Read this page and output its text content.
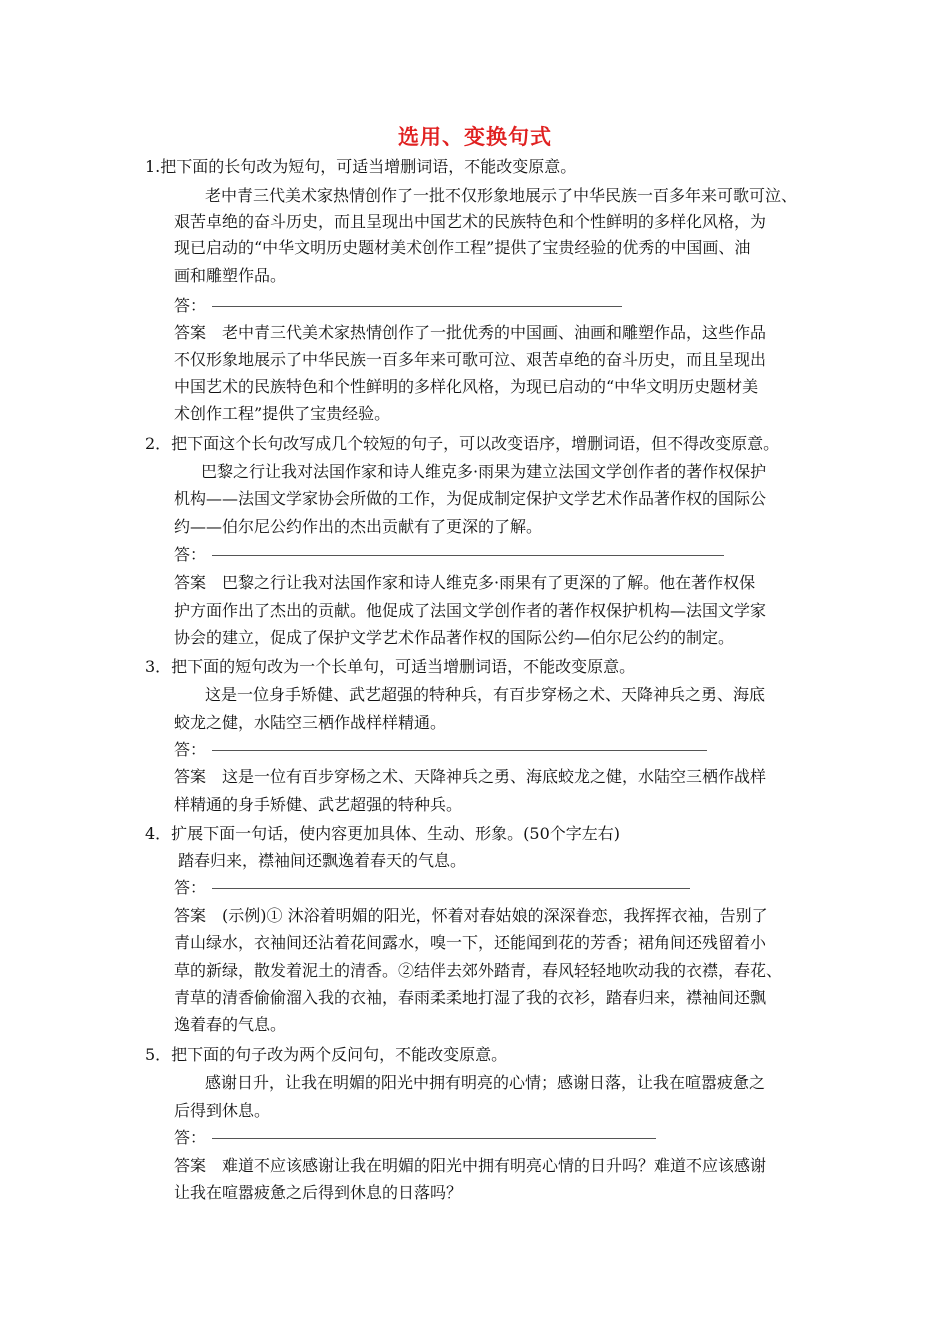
选用、变换句式
1.把下面的长句改为短句，可适当增删词语，不能改变原意。
老中青三代美术家热情创作了一批不仅形象地展示了中华民族一百多年来可歌可泣、
艰苦卓绝的奋斗历史，而且呈现出中国艺术的民族特色和个性鲜明的多样化风格，为
现已启动的“中华文明历史题材美术创作工程”提供了宝贵经验的优秀的中国画、油
画和雕塑作品。
答：
答案　老中青三代美术家热情创作了一批优秀的中国画、油画和雕塑作品，这些作品
不仅形象地展示了中华民族一百多年来可歌可泣、艰苦卓绝的奋斗历史，而且呈现出
中国艺术的民族特色和个性鲜明的多样化风格，为现已启动的“中华文明历史题材美
术创作工程”提供了宝贵经验。
2．把下面这个长句改写成几个较短的句子，可以改变语序，增删词语，但不得改变原意。
巴黎之行让我对法国作家和诗人维克多·雨果为建立法国文学创作者的著作权保护
机构——法国文学家协会所做的工作，为促成制定保护文学艺术作品著作权的国际公
约——伯尔尼公约作出的杰出贡献有了更深的了解。
答：
答案　巴黎之行让我对法国作家和诗人维克多·雨果有了更深的了解。他在著作权保
护方面作出了杰出的贡献。他促成了法国文学创作者的著作权保护机构—法国文学家
协会的建立，促成了保护文学艺术作品著作权的国际公约—伯尔尼公约的制定。
3．把下面的短句改为一个长单句，可适当增删词语，不能改变原意。
这是一位身手矫健、武艺超强的特种兵，有百步穿杨之术、天降神兵之勇、海底
蛟龙之健，水陆空三栖作战样样精通。
答：
答案　这是一位有百步穿杨之术、天降神兵之勇、海底蛟龙之健，水陆空三栖作战样
样精通的身手矫健、武艺超强的特种兵。
4．扩展下面一句话，使内容更加具体、生动、形象。(50个字左右)
踏春归来，襟袖间还飘逸着春天的气息。
答：
答案　(示例)① 沐浴着明媚的阳光，怀着对春姑娘的深深眷恋，我挥挥衣袖，告别了
青山绿水，衣袖间还沾着花间露水，嗅一下，还能闻到花的芳香；裙角间还残留着小
草的新绿，散发着泥土的清香。②结伴去郊外踏青，春风轻轻地吹动我的衣襟，春花、
青草的清香偷偷溜入我的衣袖，春雨柔柔地打湿了我的衣衫，踏春归来，襟袖间还飘
逸着春的气息。
5．把下面的句子改为两个反问句，不能改变原意。
感谢日升，让我在明媚的阳光中拥有明亮的心情；感谢日落，让我在喧嚣疲惫之
后得到休息。
答：
答案　难道不应该感谢让我在明媚的阳光中拥有明亮心情的日升吗？难道不应该感谢
让我在喧嚣疲惫之后得到休息的日落吗？
